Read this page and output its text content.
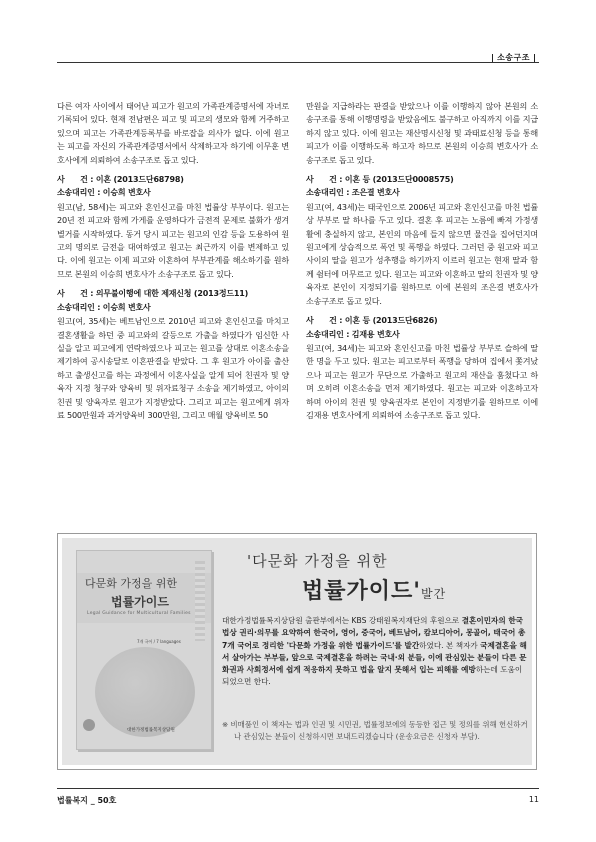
소송구조

다른 여자 사이에서 태어난 피고가 원고의 가족관계증명서에 자녀로 기록되어 있다. 현재 전남편은 피고 및 피고의 생모와 함께 거주하고 있으며 피고는 가족관계등록부를 바로잡을 의사가 없다. 이에 원고는 피고를 자신의 가족관계증명서에서 삭제하고자 하기에 이무훈 변호사에게 의뢰하여 소송구조로 돕고 있다.

사　　건 : 이혼 (2013드단68798)
소송대리인 : 이승희 변호사

원고(남, 58세)는 피고와 혼인신고를 마친 법률상 부부이다. 원고는 20년 전 피고와 함께 가게를 운영하다가 금전적 문제로 불화가 생겨 별거를 시작하였다. 동거 당시 피고는 원고의 인감 등을 도용하여 원고의 명의로 금전을 대여하였고 원고는 최근까지 이를 변제하고 있다. 이에 원고는 이제 피고와 이혼하여 부부관계를 해소하기를 원하므로 본원의 이승희 변호사가 소송구조로 돕고 있다.

사　　건 : 의무불이행에 대한 제재신청 (2013정드11)
소송대리인 : 이승희 변호사

원고(여, 35세)는 베트남인으로 2010년 피고와 혼인신고를 마치고 결혼생활을 하던 중 피고와의 갈등으로 가출을 하였다가 임신한 사실을 알고 피고에게 연락하였으나 피고는 원고를 상대로 이혼소송을 제기하여 공시송달로 이혼판결을 받았다. 그 후 원고가 아이를 출산하고 출생신고를 하는 과정에서 이혼사실을 알게 되어 친권자 및 양육자 지정 청구와 양육비 및 위자료청구 소송을 제기하였고, 아이의 친권 및 양육자로 원고가 지정받았다. 그리고 피고는 원고에게 위자료 500만원과 과거양육비 300만원, 그리고 매월 양육비로 50

만원을 지급하라는 판결을 받았으나 이를 이행하지 않아 본원의 소송구조를 통해 이행명령을 받았음에도 불구하고 아직까지 이를 지급하지 않고 있다. 이에 원고는 재산명시신청 및 과태료신청 등을 통해 피고가 이를 이행하도록 하고자 하므로 본원의 이승희 변호사가 소송구조로 돕고 있다.

사　　건 : 이혼 등 (2013드단0008575)
소송대리인 : 조은결 변호사

원고(여, 43세)는 태국인으로 2006년 피고와 혼인신고를 마친 법률상 부부로 딸 하나를 두고 있다. 결혼 후 피고는 노름에 빠져 가정생활에 충실하지 않고, 본인의 마음에 들지 않으면 물건을 집어던지며 원고에게 상습적으로 폭언 및 폭행을 하였다. 그러던 중 원고와 피고 사이의 딸을 원고가 성추행을 하기까지 이르러 원고는 현재 딸과 함께 쉼터에 머무르고 있다. 원고는 피고와 이혼하고 딸의 친권자 및 양육자로 본인이 지정되기를 원하므로 이에 본원의 조은결 변호사가 소송구조로 돕고 있다.

사　　건 : 이혼 등 (2013드단6826)
소송대리인 : 김재용 변호사

원고(여, 34세)는 피고와 혼인신고를 마친 법률상 부부로 슬하에 딸 한 명을 두고 있다. 원고는 피고로부터 폭행을 당하며 집에서 쫓겨났으나 피고는 원고가 무단으로 가출하고 원고의 재산을 훔쳤다고 하며 오히려 이혼소송을 먼저 제기하였다. 원고는 피고와 이혼하고자 하며 아이의 친권 및 양육권자로 본인이 지정받기를 원하므로 이에 김재용 변호사에게 의뢰하여 소송구조로 돕고 있다.

다문화 가정을 위한
법률가이드
Legal Guidance for Multicultural Families
7개 국어 / 7 languages
대한가정법률복지상담원
'다문화 가정을 위한
법률가이드'발간

대한가정법률복지상담원 출판부에서는 KBS 강태원복지재단의 후원으로 결혼이민자의 한국법상 권리·의무를 요약하여 한국어, 영어, 중국어, 베트남어, 캄보디아어, 몽골어, 태국어 총 7개 국어로 정리한 '다문화 가정을 위한 법률가이드'를 발간하였다. 본 책자가 국제결혼을 해서 살아가는 부부들, 앞으로 국제결혼을 하려는 국내·외 분들, 이에 관심있는 분들이 다른 문화권과 사회정서에 쉽게 적응하지 못하고 법을 알지 못해서 입는 피해를 예방하는데 도움이 되었으면 한다.

※ 비매품인 이 책자는 법과 인권 및 시민권, 법률정보에의 동등한 접근 및 정의를 위해 헌신하거나 관심있는 분들이 신청하시면 보내드리겠습니다 (운송요금은 신청자 부담).

법률복지 _ 50호	11
